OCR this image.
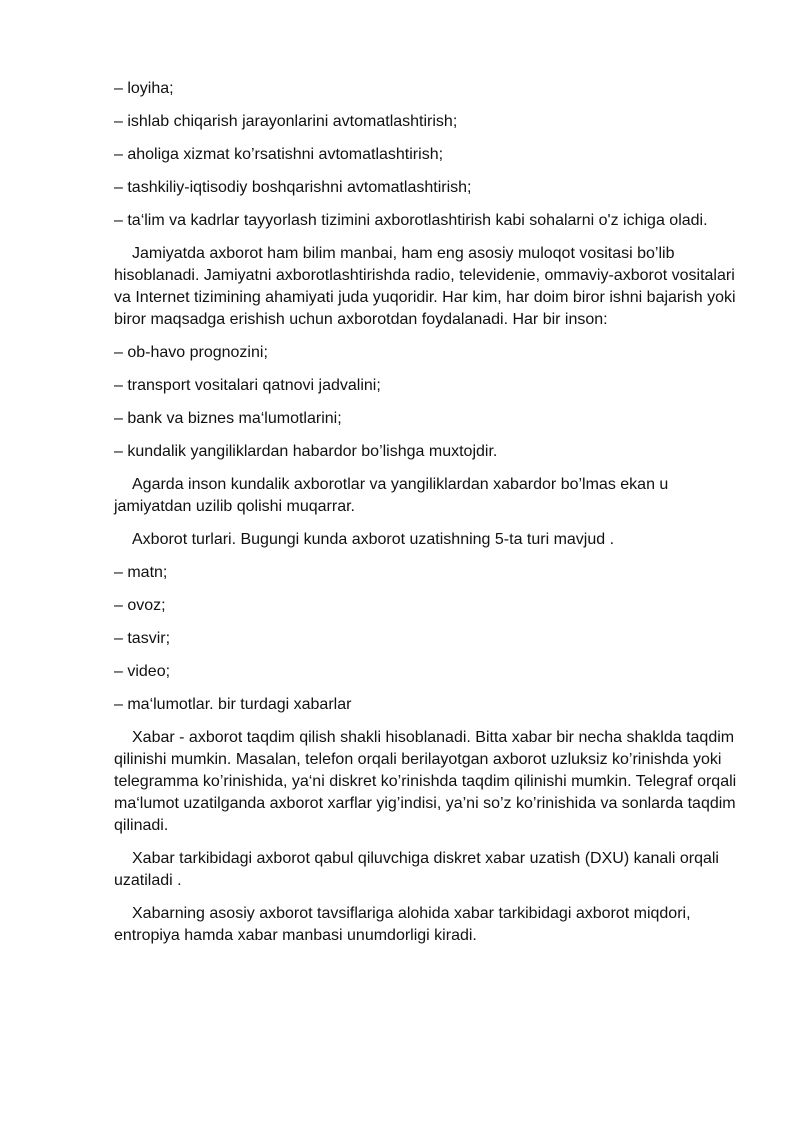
– loyiha;

– ishlab chiqarish jarayonlarini avtomatlashtirish;

– aholiga xizmat ko’rsatishni avtomatlashtirish;

– tashkiliy-iqtisodiy boshqarishni avtomatlashtirish;

– ta‘lim va kadrlar tayyorlash tizimini axborotlashtirish kabi sohalarni o'z ichiga oladi.

Jamiyatda axborot ham bilim manbai, ham eng asosiy muloqot vositasi bo’lib hisoblanadi. Jamiyatni axborotlashtirishda radio, televidenie, ommaviy-axborot vositalari va Internet tizimining ahamiyati juda yuqoridir. Har kim, har doim biror ishni bajarish yoki biror maqsadga erishish uchun axborotdan foydalanadi. Har bir inson:

– ob-havo prognozini;

– transport vositalari qatnovi jadvalini;

– bank va biznes ma‘lumotlarini;

– kundalik yangiliklardan habardor bo’lishga muxtojdir.

Agarda inson kundalik axborotlar va yangiliklardan xabardor bo’lmas ekan u jamiyatdan uzilib qolishi muqarrar.

Axborot turlari. Bugungi kunda axborot uzatishning 5-ta turi mavjud .

– matn;

– ovoz;

– tasvir;

– video;

– ma‘lumotlar. bir turdagi xabarlar

Xabar - axborot taqdim qilish shakli hisoblanadi. Bitta xabar bir necha shaklda taqdim qilinishi mumkin. Masalan, telefon orqali berilayotgan axborot uzluksiz ko’rinishda yoki telegramma ko’rinishida, ya‘ni diskret ko’rinishda taqdim qilinishi mumkin. Telegraf orqali ma‘lumot uzatilganda axborot xarflar yig’indisi, ya’ni so’z ko’rinishida va sonlarda taqdim qilinadi.

Xabar tarkibidagi axborot qabul qiluvchiga diskret xabar uzatish (DXU) kanali orqali uzatiladi .

Xabarning asosiy axborot tavsiflariga alohida xabar tarkibidagi axborot miqdori, entropiya hamda xabar manbasi unumdorligi kiradi.
